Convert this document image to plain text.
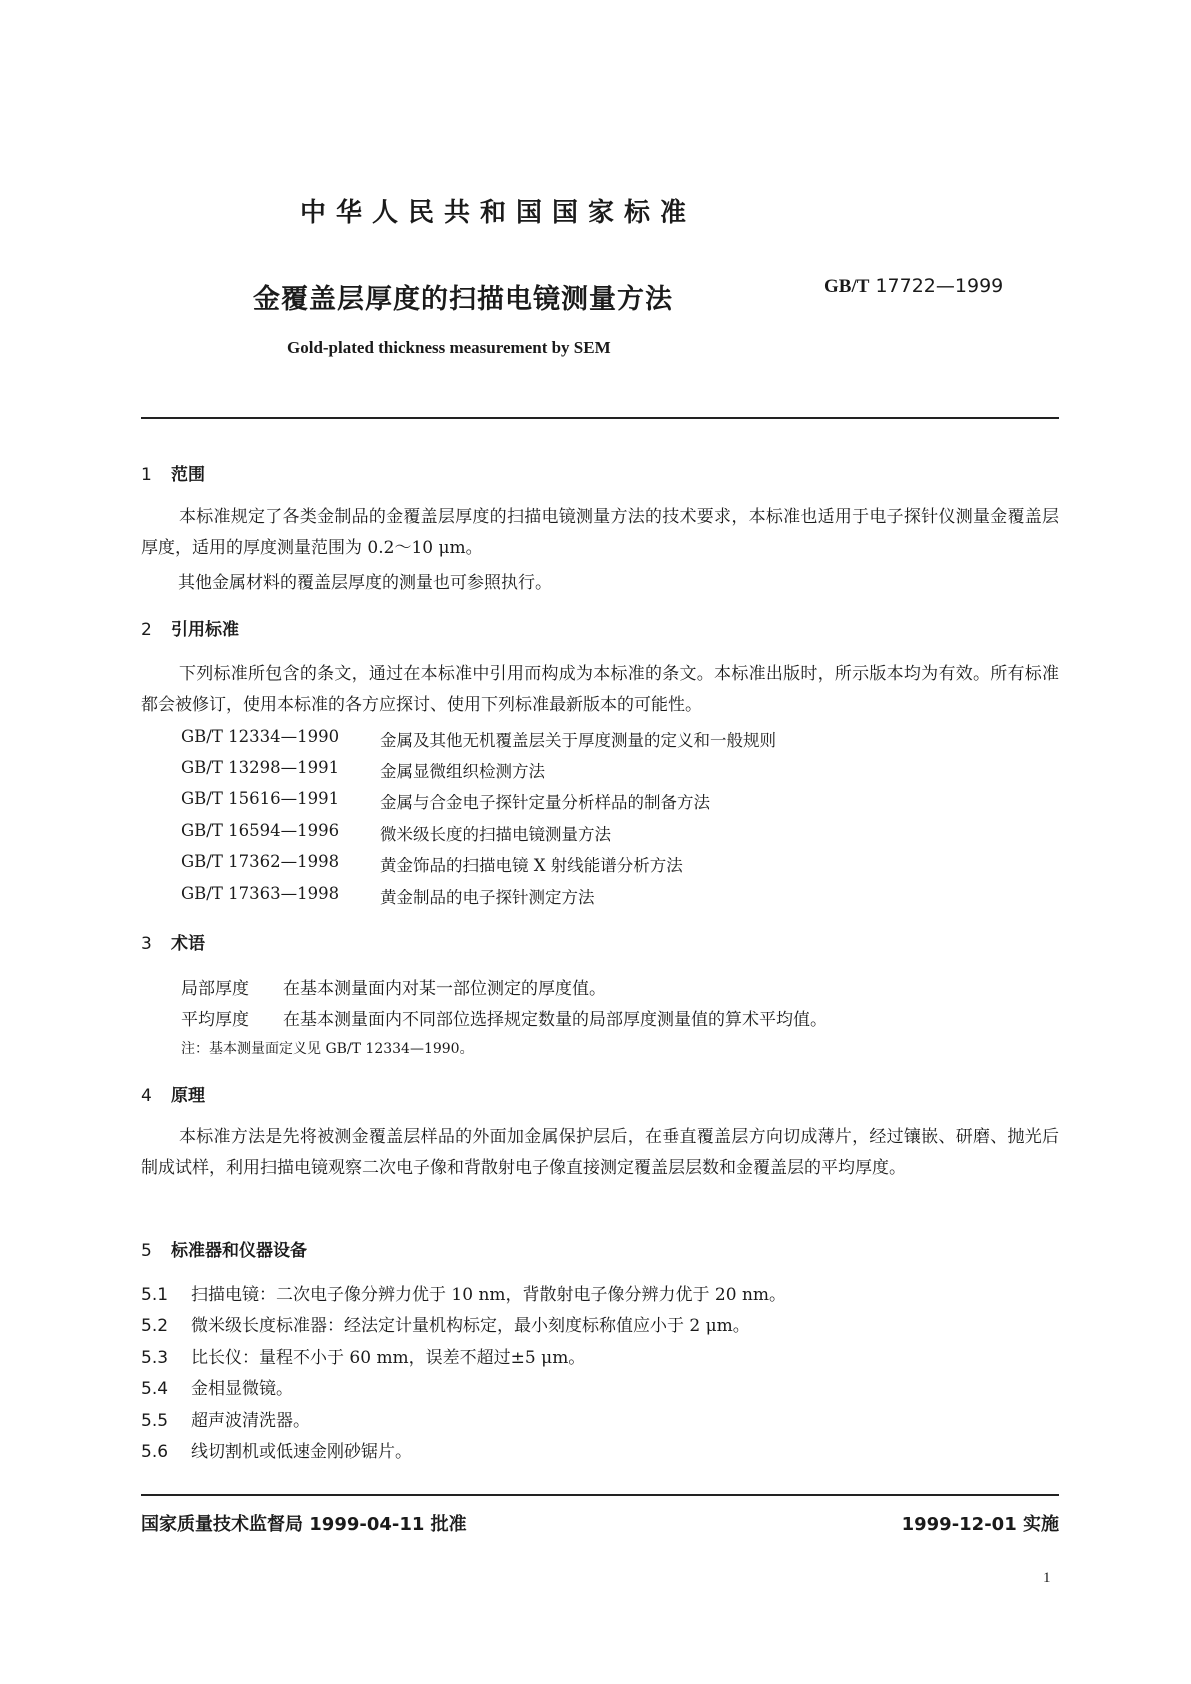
中华人民共和国国家标准
金覆盖层厚度的扫描电镜测量方法	GB/T 17722—1999
Gold-plated thickness measurement by SEM
1 范围
本标准规定了各类金制品的金覆盖层厚度的扫描电镜测量方法的技术要求，本标准也适用于电子探针仪测量金覆盖层厚度，适用的厚度测量范围为 0.2～10 μm。
其他金属材料的覆盖层厚度的测量也可参照执行。
2 引用标准
下列标准所包含的条文，通过在本标准中引用而构成为本标准的条文。本标准出版时，所示版本均为有效。所有标准都会被修订，使用本标准的各方应探讨、使用下列标准最新版本的可能性。
GB/T 12334—1990	金属及其他无机覆盖层关于厚度测量的定义和一般规则
GB/T 13298—1991	金属显微组织检测方法
GB/T 15616—1991	金属与合金电子探针定量分析样品的制备方法
GB/T 16594—1996	微米级长度的扫描电镜测量方法
GB/T 17362—1998	黄金饰品的扫描电镜 X 射线能谱分析方法
GB/T 17363—1998	黄金制品的电子探针测定方法
3 术语
局部厚度 在基本测量面内对某一部位测定的厚度值。
平均厚度 在基本测量面内不同部位选择规定数量的局部厚度测量值的算术平均值。
注：基本测量面定义见 GB/T 12334—1990。
4 原理
本标准方法是先将被测金覆盖层样品的外面加金属保护层后，在垂直覆盖层方向切成薄片，经过镶嵌、研磨、抛光后制成试样，利用扫描电镜观察二次电子像和背散射电子像直接测定覆盖层层数和金覆盖层的平均厚度。
5 标准器和仪器设备
5.1 扫描电镜：二次电子像分辨力优于 10 nm，背散射电子像分辨力优于 20 nm。
5.2 微米级长度标准器：经法定计量机构标定，最小刻度标称值应小于 2 μm。
5.3 比长仪：量程不小于 60 mm，误差不超过±5 μm。
5.4 金相显微镜。
5.5 超声波清洗器。
5.6 线切割机或低速金刚砂锯片。
国家质量技术监督局 1999-04-11 批准	1999-12-01 实施
1
